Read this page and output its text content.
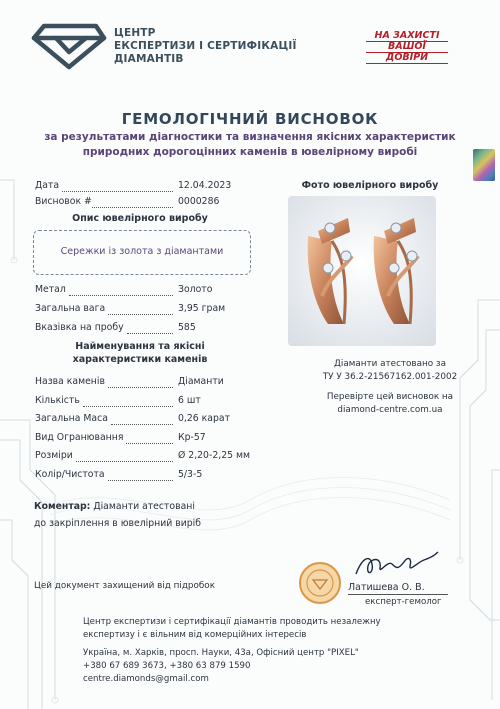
ЦЕНТР
ЕКСПЕРТИЗИ І СЕРТИФІКАЦІЇ
ДІАМАНТІВ
НА ЗАХИСТІ
ВАШОЇ
ДОВІРИ
ГЕМОЛОГІЧНИЙ ВИСНОВОК
за результатами діагностики та визначення якісних характеристик
природних дорогоцінних каменів в ювелірному виробі
Дата	12.04.2023
Висновок #	0000286
Опис ювелірного виробу
Сережки із золота з діамантами
Метал	Золото
Загальна вага	3,95 грам
Вказівка на пробу	585
Найменування та якісні
характеристики каменів
Назва каменів	Діаманти
Кількість	6 шт
Загальна Маса	0,26 карат
Вид Огранювання	Кр-57
Розміри	Ø 2,20-2,25 мм
Колір/Чистота	5/3-5
Фото ювелірного виробу
Діаманти атестовано за
ТУ У 36.2-21567162.001-2002
Перевірте цей висновок на
diamond-centre.com.ua
Коментар: Діаманти атестовані
до закріплення в ювелірний виріб
Цей документ захищений від підробок	Латишева О. В.
експерт-гемолог
Центр експертизи і сертифікації діамантів проводить незалежну
експертизу і є вільним від комерційних інтересів
Україна, м. Харків, просп. Науки, 43а, Офісний центр "PIXEL"
+380 67 689 3673, +380 63 879 1590
centre.diamonds@gmail.com
